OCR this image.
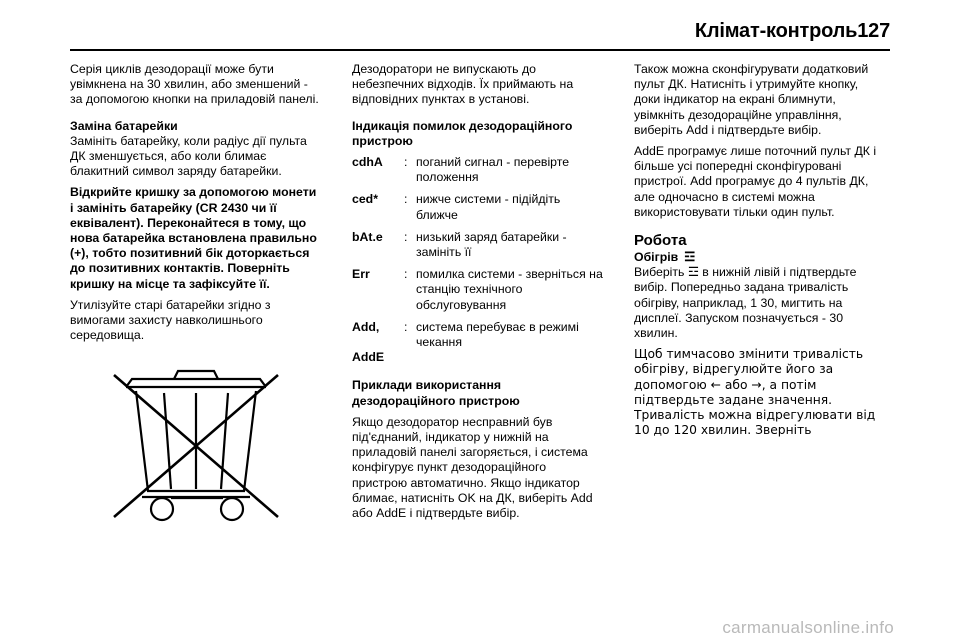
Клімат-контроль127

Серія циклів дезодорації може бути увімкнена на 30 хвилин, або зменшений - за допомогою кнопки на приладовій панелі.

Заміна батарейки

Замініть батарейку, коли радіус дії пульта ДК зменшується, або коли блимає блакитний символ заряду батарейки.

Відкрийте кришку за допомогою монети і замініть батарейку (CR 2430 чи її еквівалент). Переконайтеся в тому, що нова батарейка встановлена правильно (+), тобто позитивний бік доторкається до позитивних контактів. Поверніть кришку на місце та зафіксуйте її.

Утилізуйте старі батарейки згідно з вимогами захисту навколишнього середовища.

Дезодоратори не випускають до небезпечних відходів. Їх приймають на відповідних пунктах в установі.

Індикація помилок дезодораційного пристрою

cdhA	:	поганий сигнал - перевірте положення
ced*	:	нижче системи - підійдіть ближче
bAt.e	:	низький заряд батарейки - замініть її
Err	:	помилка системи - зверніться на станцію технічного обслуговування
Add,	:	система перебуває в режимі чекання
AddE		

Приклади використання дезодораційного пристрою

Якщо дезодоратор несправний був під'єднаний, індикатор у нижній на приладовій панелі загоряється, і система конфігурує пункт дезодораційного пристрою автоматично. Якщо індикатор блимає, натисніть OK на ДК, виберіть Add або AddE і підтвердьте вибір.

Також можна сконфігурувати додатковий пульт ДК. Натисніть і утримуйте кнопку, доки індикатор на екрані блимнути, увімкніть дезодораційне управління, виберіть Add і підтвердьте вибір.

AddE програмує лише поточний пульт ДК і більше усі попередні сконфігуровані пристрої. Add програмує до 4 пультів ДК, але одночасно в системі можна використовувати тільки один пульт.

Робота

Обігрів  ☲

Виберіть ☲ в нижній лівій і підтвердьте вибір. Попередньо задана тривалість обігріву, наприклад, 1 30, мигтить на дисплеї. Запуском позначується - 30 хвилин.

Щоб тимчасово змінити тривалість обігріву, відрегулюйте його за допомогою ← або →, а потім підтвердьте задане значення. Тривалість можна відрегулювати від 10 до 120 хвилин. Зверніть

carmanualsonline.info
